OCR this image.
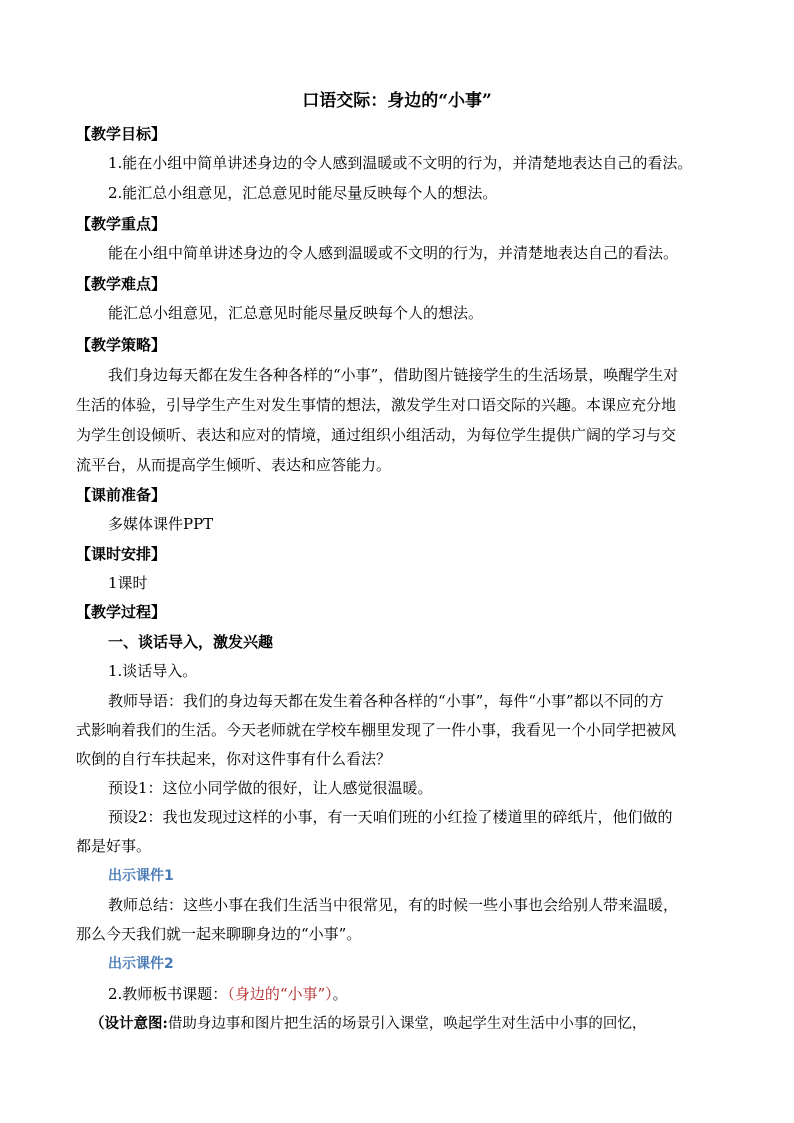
口语交际：身边的“小事”
【教学目标】
1.能在小组中简单讲述身边的令人感到温暖或不文明的行为，并清楚地表达自己的看法。
2.能汇总小组意见，汇总意见时能尽量反映每个人的想法。
【教学重点】
能在小组中简单讲述身边的令人感到温暖或不文明的行为，并清楚地表达自己的看法。
【教学难点】
能汇总小组意见，汇总意见时能尽量反映每个人的想法。
【教学策略】
我们身边每天都在发生各种各样的“小事”，借助图片链接学生的生活场景，唤醒学生对
生活的体验，引导学生产生对发生事情的想法，激发学生对口语交际的兴趣。本课应充分地
为学生创设倾听、表达和应对的情境，通过组织小组活动，为每位学生提供广阔的学习与交
流平台，从而提高学生倾听、表达和应答能力。
【课前准备】
多媒体课件PPT
【课时安排】
1课时
【教学过程】
一、谈话导入，激发兴趣
1.谈话导入。
教师导语：我们的身边每天都在发生着各种各样的“小事”，每件“小事”都以不同的方
式影响着我们的生活。今天老师就在学校车棚里发现了一件小事，我看见一个小同学把被风
吹倒的自行车扶起来，你对这件事有什么看法？
预设1：这位小同学做的很好，让人感觉很温暖。
预设2：我也发现过这样的小事，有一天咱们班的小红捡了楼道里的碎纸片，他们做的
都是好事。
出示课件1
教师总结：这些小事在我们生活当中很常见，有的时候一些小事也会给别人带来温暖，
那么今天我们就一起来聊聊身边的“小事”。
出示课件2
2.教师板书课题：（身边的“小事”）。
（设计意图:借助身边事和图片把生活的场景引入课堂，唤起学生对生活中小事的回忆，
